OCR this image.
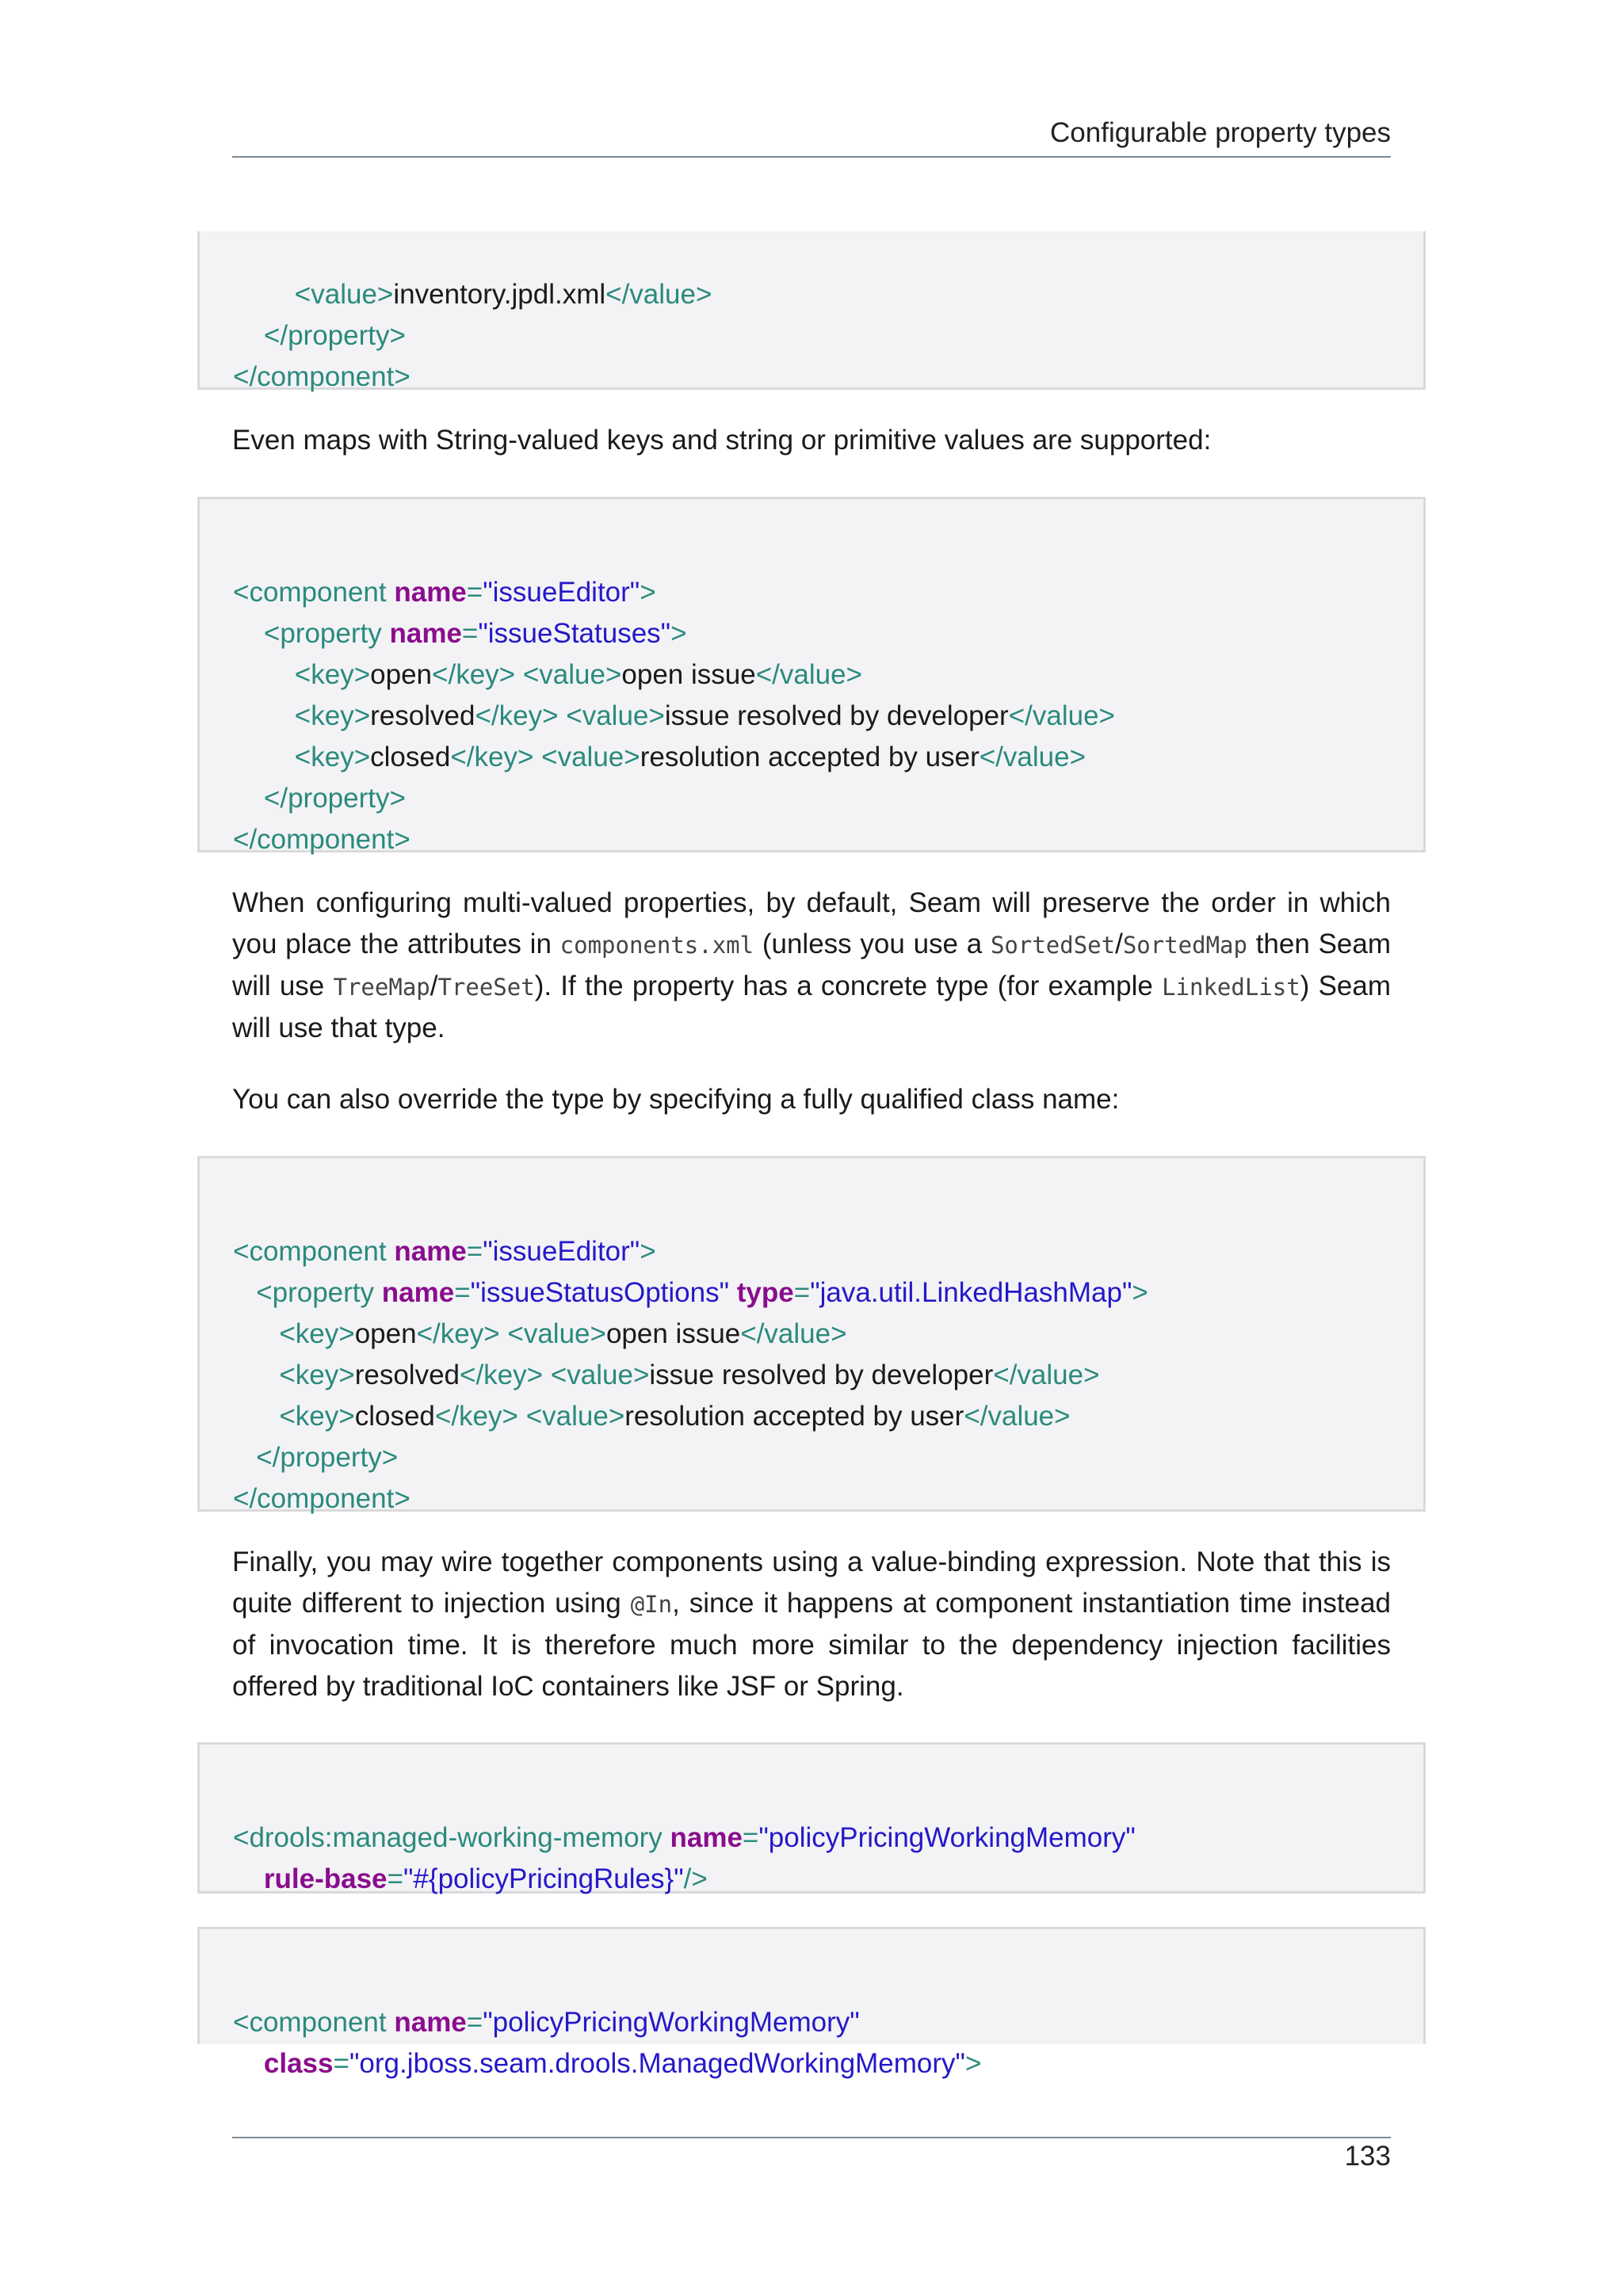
Configurable property types

<value>inventory.jpdl.xml</value>
</property>
</component>
Even maps with String-valued keys and string or primitive values are supported:

<component name="issueEditor">
<property name="issueStatuses">
<key>open</key> <value>open issue</value>
<key>resolved</key> <value>issue resolved by developer</value>
<key>closed</key> <value>resolution accepted by user</value>
</property>
</component>
When configuring multi-valued properties, by default, Seam will preserve the order in which you place the attributes in components.xml (unless you use a SortedSet/SortedMap then Seam will use TreeMap/TreeSet). If the property has a concrete type (for example LinkedList) Seam will use that type.
You can also override the type by specifying a fully qualified class name:

<component name="issueEditor">
<property name="issueStatusOptions" type="java.util.LinkedHashMap">
<key>open</key> <value>open issue</value>
<key>resolved</key> <value>issue resolved by developer</value>
<key>closed</key> <value>resolution accepted by user</value>
</property>
</component>
Finally, you may wire together components using a value-binding expression. Note that this is quite different to injection using @In, since it happens at component instantiation time instead of invocation time. It is therefore much more similar to the dependency injection facilities offered by traditional IoC containers like JSF or Spring.

<drools:managed-working-memory name="policyPricingWorkingMemory"
rule-base="#{policyPricingRules}"/>

<component name="policyPricingWorkingMemory"
class="org.jboss.seam.drools.ManagedWorkingMemory">
133
